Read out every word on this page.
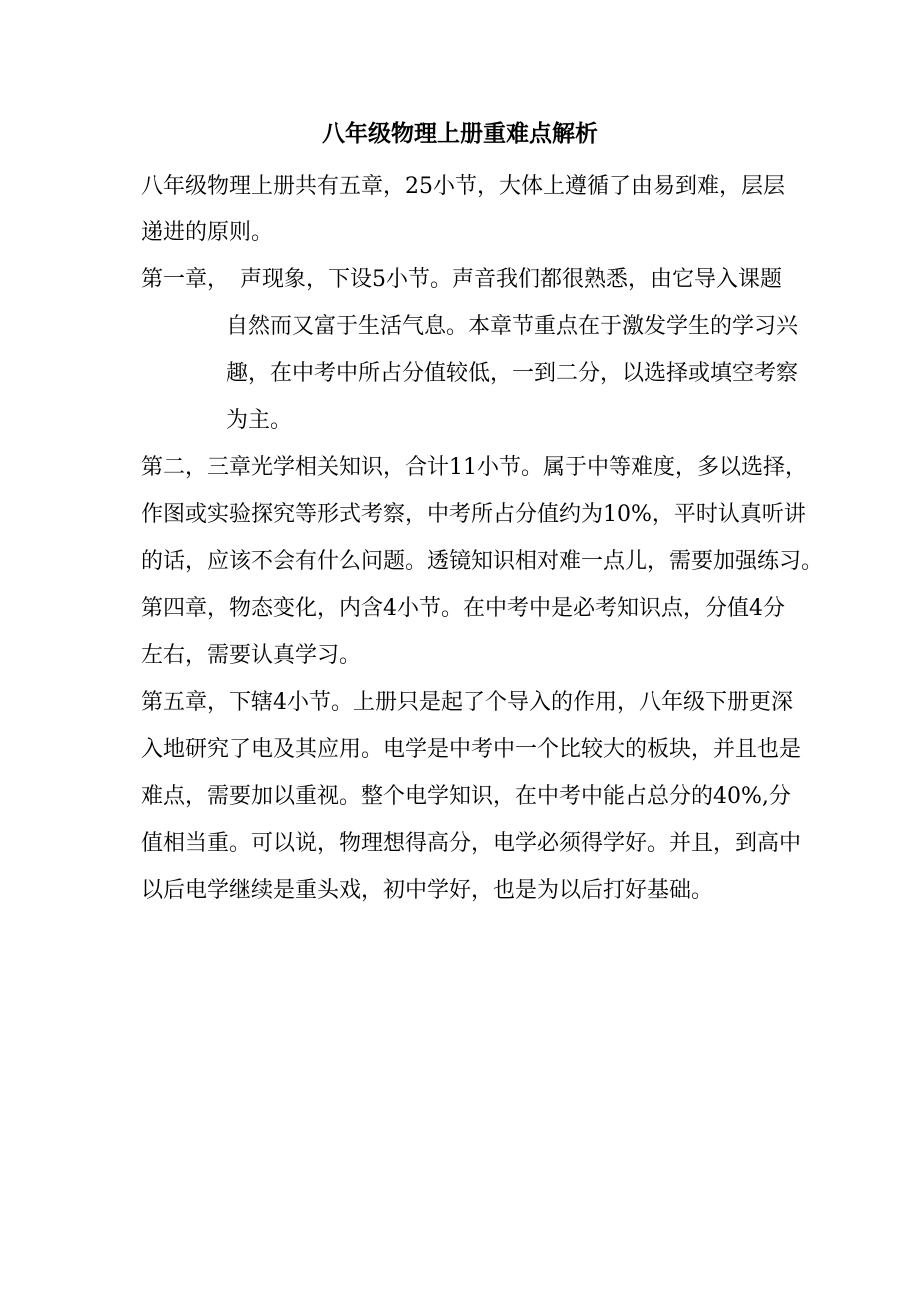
八年级物理上册重难点解析
八年级物理上册共有五章，25小节，大体上遵循了由易到难，层层
递进的原则。
第一章，　声现象，下设5小节。声音我们都很熟悉，由它导入课题
自然而又富于生活气息。本章节重点在于激发学生的学习兴
趣，在中考中所占分值较低，一到二分，以选择或填空考察
为主。
第二，三章光学相关知识，合计11小节。属于中等难度，多以选择，
作图或实验探究等形式考察，中考所占分值约为10%，平时认真听讲
的话，应该不会有什么问题。透镜知识相对难一点儿，需要加强练习。
第四章，物态变化，内含4小节。在中考中是必考知识点，分值4分
左右，需要认真学习。
第五章，下辖4小节。上册只是起了个导入的作用，八年级下册更深
入地研究了电及其应用。电学是中考中一个比较大的板块，并且也是
难点，需要加以重视。整个电学知识，在中考中能占总分的40%,分
值相当重。可以说，物理想得高分，电学必须得学好。并且，到高中
以后电学继续是重头戏，初中学好，也是为以后打好基础。
